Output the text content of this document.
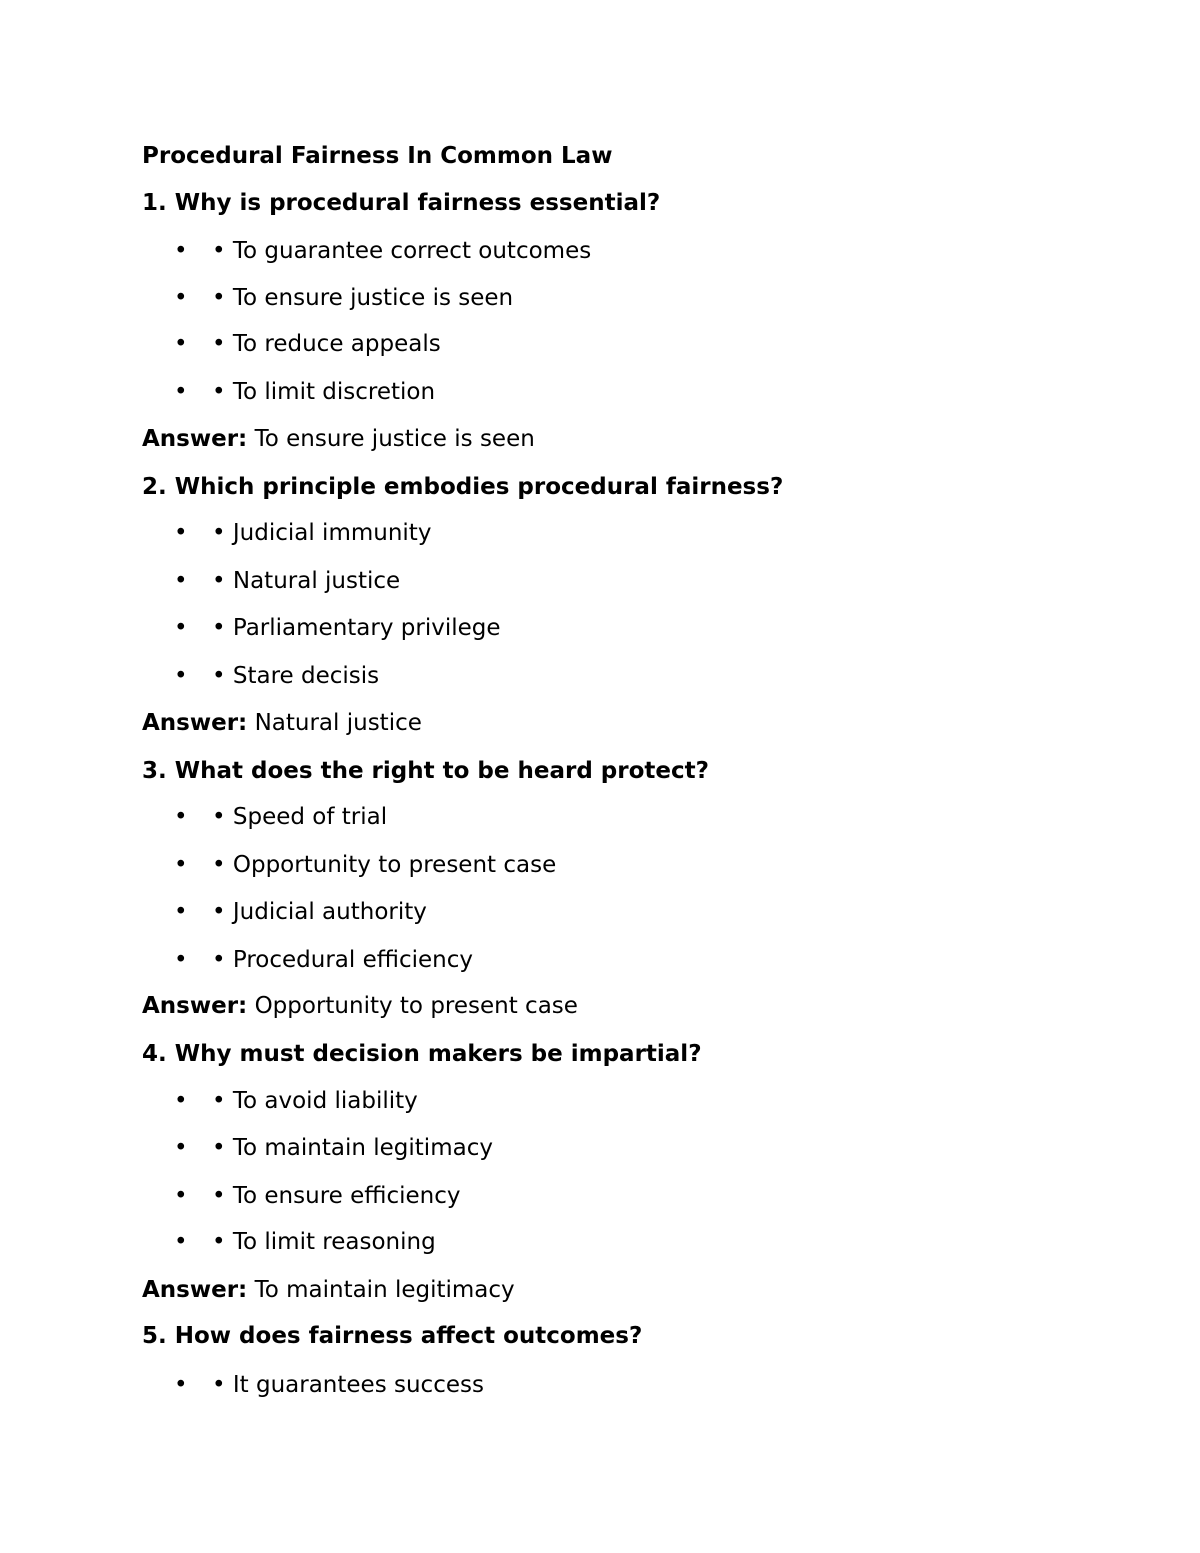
Procedural Fairness In Common Law
1. Why is procedural fairness essential?
• • To guarantee correct outcomes
• • To ensure justice is seen
• • To reduce appeals
• • To limit discretion
Answer: To ensure justice is seen
2. Which principle embodies procedural fairness?
• • Judicial immunity
• • Natural justice
• • Parliamentary privilege
• • Stare decisis
Answer: Natural justice
3. What does the right to be heard protect?
• • Speed of trial
• • Opportunity to present case
• • Judicial authority
• • Procedural efficiency
Answer: Opportunity to present case
4. Why must decision makers be impartial?
• • To avoid liability
• • To maintain legitimacy
• • To ensure efficiency
• • To limit reasoning
Answer: To maintain legitimacy
5. How does fairness affect outcomes?
• • It guarantees success
